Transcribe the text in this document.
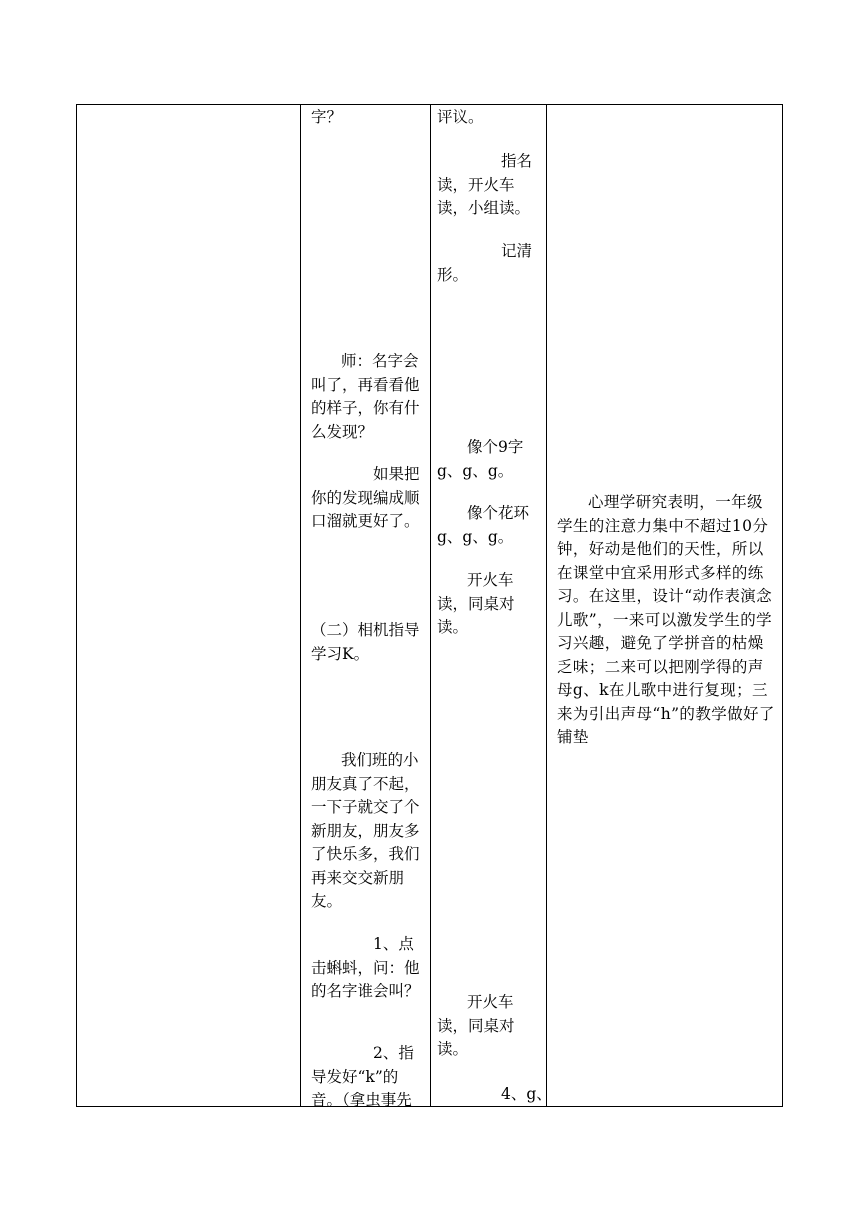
字？

师：名字会叫了，再看看他的样子，你有什么发现？

如果把你的发现编成顺口溜就更好了。

（二）相机指导学习K。

我们班的小朋友真了不起，一下子就交了个新朋友，朋友多了快乐多，我们再来交交新朋友。

1、点击蝌蚪，问：他的名字谁会叫？

2、指导发好“k”的音。（拿虫事先

评议。

指名读，开火车读，小组读。

记清形。

像个9字g、g、g。

像个花环g、g、g。

开火车读，同桌对读。

开火车读，同桌对读。

4、g、

心理学研究表明，一年级学生的注意力集中不超过10分钟，好动是他们的天性，所以在课堂中宜采用形式多样的练习。在这里，设计“动作表演念儿歌”，一来可以激发学生的学习兴趣，避免了学拼音的枯燥乏味；二来可以把刚学得的声母g、k在儿歌中进行复现；三来为引出声母“h”的教学做好了铺垫
